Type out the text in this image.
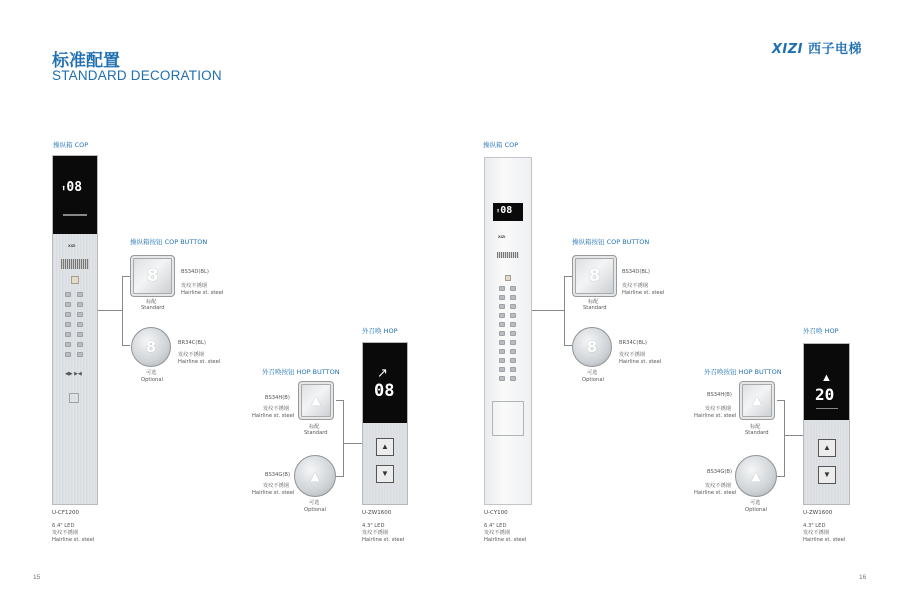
标准配置
STANDARD DECORATION
XIZI 西子电梯
操纵箱 COP
⬆08
XIZI
◀▶ ▶◀
U-CF1200
6.4" LED
发纹不锈钢
Hairline st. steel
操纵箱按钮 COP BUTTON
8	BS34D(BL)
发纹不锈钢
Hairline st. steel
标配
Standard
8	BR34C(BL)
发纹不锈钢
Hairline st. steel
可选
Optional
外召唤按钮 HOP BUTTON
▲
BS34H(B)
发纹不锈钢
Hairline st. steel
标配
Standard
▲
BS34G(B)
发纹不锈钢
Hairline st. steel
可选
Optional
外召唤 HOP
↗
08
▲
▼
U-ZW1600
4.3" LED
发纹不锈钢
Hairline st. steel
15
操纵箱 COP
⬆08
XIZI
U-CY100
6.4" LED
发纹不锈钢
Hairline st. steel
操纵箱按钮 COP BUTTON
8	BS34D(BL)
发纹不锈钢
Hairline st. steel
标配
Standard
8	BR34C(BL)
发纹不锈钢
Hairline st. steel
可选
Optional
外召唤按钮 HOP BUTTON
▲
BS34H(B)
发纹不锈钢
Hairline st. steel
标配
Standard
▲
BS34G(B)
发纹不锈钢
Hairline st. steel
可选
Optional
外召唤 HOP
▲
20
▲
▼
U-ZW1600
4.3" LED
发纹不锈钢
Hairline st. steel
16
